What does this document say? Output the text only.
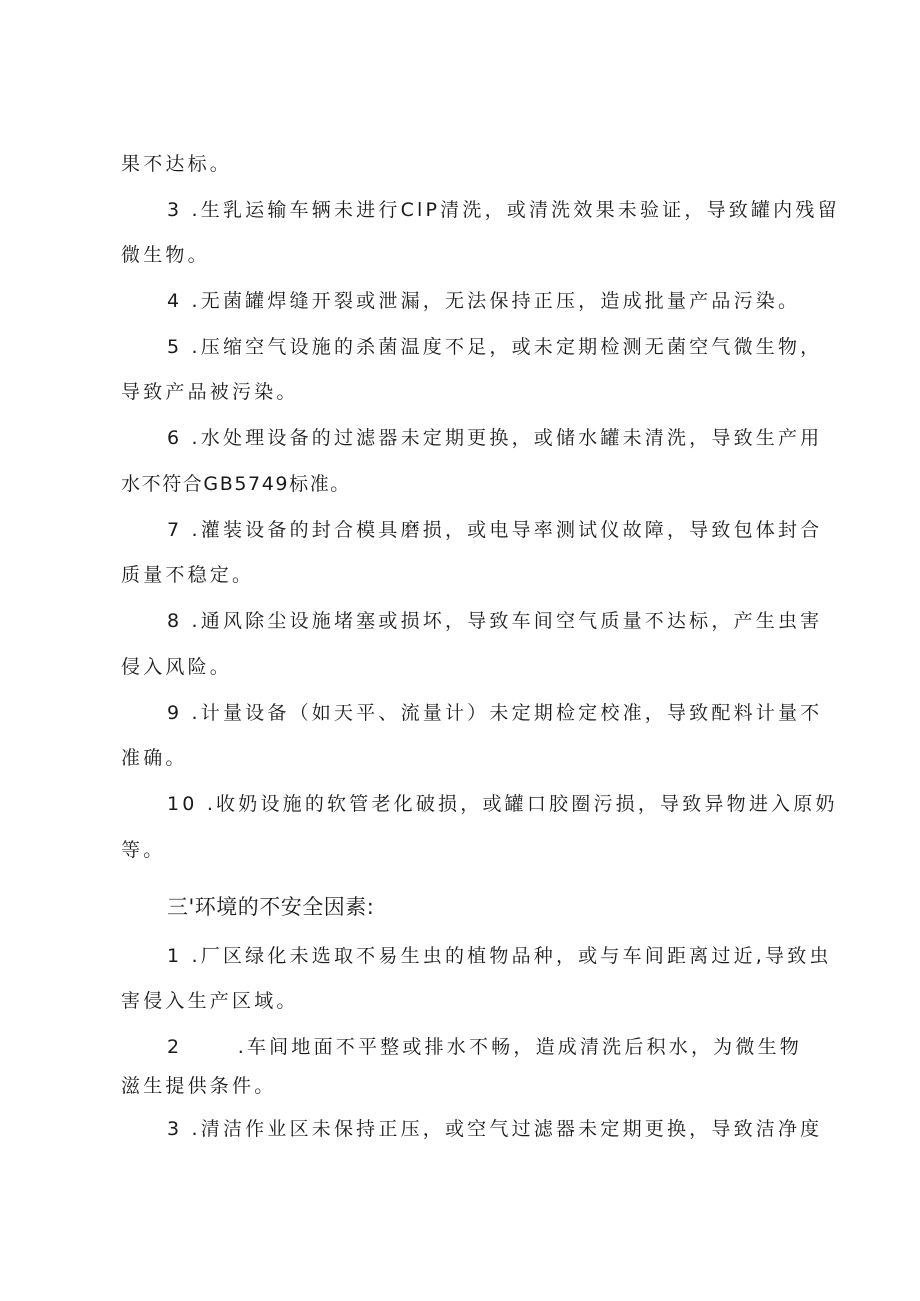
果不达标。
3 .生乳运输车辆未进行ClP清洗，或清洗效果未验证，导致罐内残留
微生物。
4 .无菌罐焊缝开裂或泄漏，无法保持正压，造成批量产品污染。
5 .压缩空气设施的杀菌温度不足，或未定期检测无菌空气微生物，
导致产品被污染。
6 .水处理设备的过滤器未定期更换，或储水罐未清洗，导致生产用
水不符合GB5749标准。
7 .灌装设备的封合模具磨损，或电导率测试仪故障，导致包体封合
质量不稳定。
8 .通风除尘设施堵塞或损坏，导致车间空气质量不达标，产生虫害
侵入风险。
9 .计量设备（如天平、流量计）未定期检定校准，导致配料计量不
准确。
10 .收奶设施的软管老化破损，或罐口胶圈污损，导致异物进入原奶
等。
三'环境的不安全因素:
1 .厂区绿化未选取不易生虫的植物品种，或与车间距离过近,导致虫
害侵入生产区域。
2      .车间地面不平整或排水不畅，造成清洗后积水，为微生物
滋生提供条件。
3 .清洁作业区未保持正压，或空气过滤器未定期更换，导致洁净度
